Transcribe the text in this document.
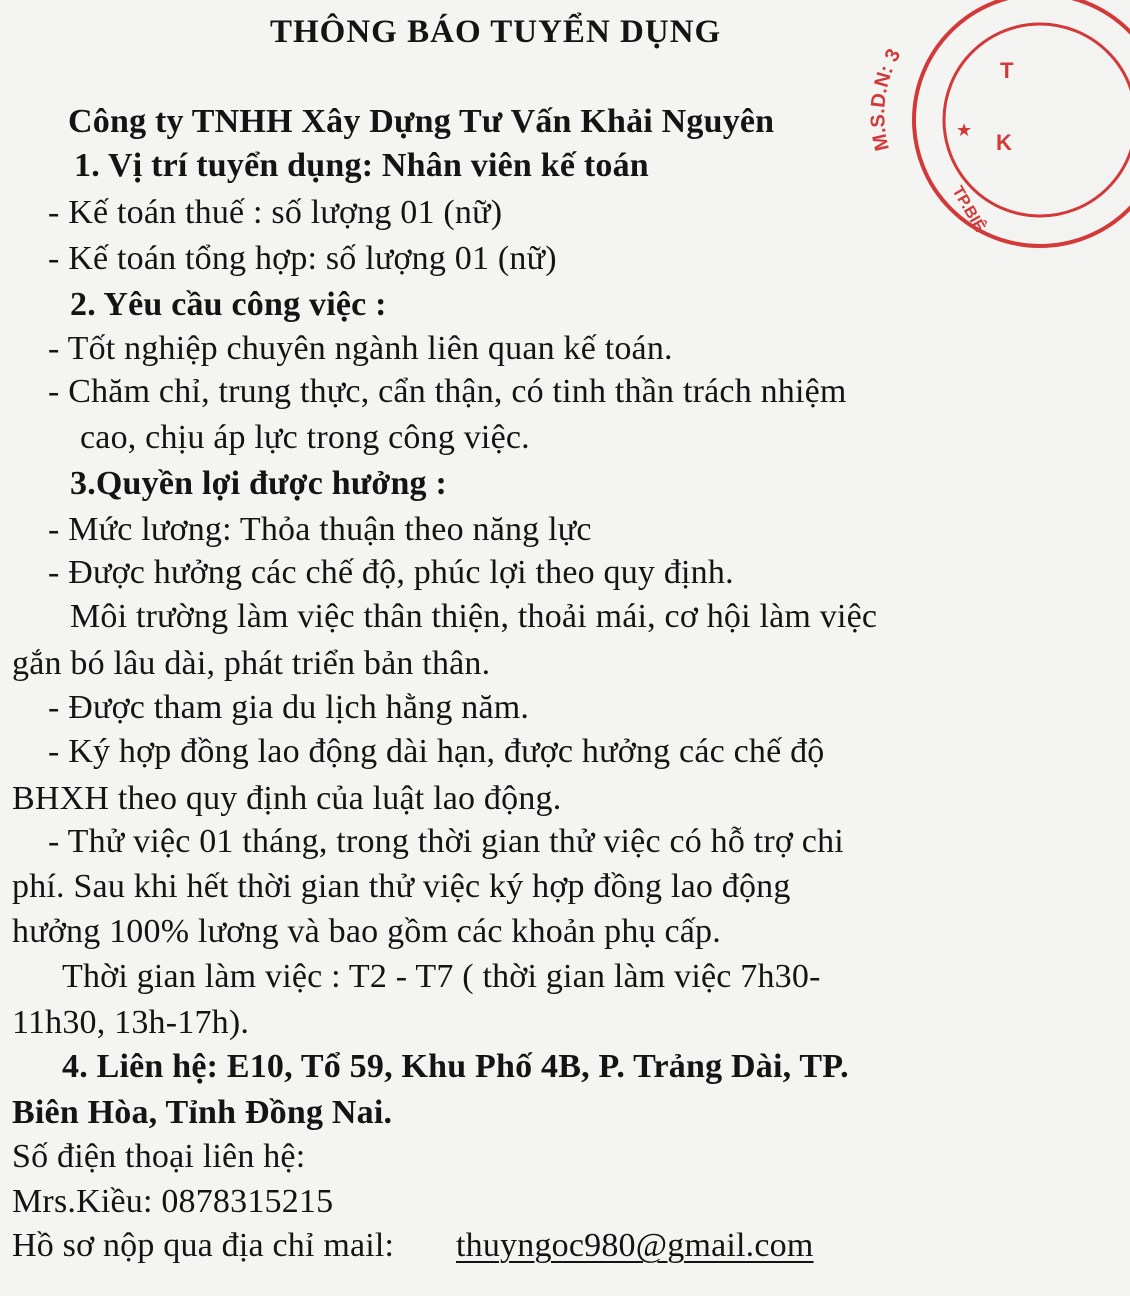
THÔNG BÁO TUYỂN DỤNG
Công ty TNHH Xây Dựng Tư Vấn Khải Nguyên
1. Vị trí tuyển dụng: Nhân viên kế toán
- Kế toán thuế : số lượng 01 (nữ)
- Kế toán tổng hợp: số lượng 01 (nữ)
2. Yêu cầu công việc :
- Tốt nghiệp chuyên ngành liên quan kế toán.
- Chăm chỉ, trung thực, cẩn thận, có tinh thần trách nhiệm
cao, chịu áp lực trong công việc.
3.Quyền lợi được hưởng :
- Mức lương: Thỏa thuận theo năng lực
- Được hưởng các chế độ, phúc lợi theo quy định.
Môi trường làm việc thân thiện, thoải mái, cơ hội làm việc
gắn bó lâu dài, phát triển bản thân.
- Được tham gia du lịch hằng năm.
- Ký hợp đồng lao động dài hạn, được hưởng các chế độ
BHXH theo quy định của luật lao động.
- Thử việc 01 tháng, trong thời gian thử việc có hỗ trợ chi
phí. Sau khi hết thời gian thử việc ký hợp đồng lao động
hưởng 100% lương và bao gồm các khoản phụ cấp.
Thời gian làm việc : T2 - T7 ( thời gian làm việc 7h30-
11h30, 13h-17h).
4. Liên hệ: E10, Tổ 59, Khu Phố 4B, P. Trảng Dài, TP.
Biên Hòa, Tỉnh Đồng Nai.
Số điện thoại liên hệ:
Mrs.Kiều: 0878315215
Hồ sơ nộp qua địa chỉ mail: thuyngoc980@gmail.com
M.S.D.N: 3
T
K
★
TP.BIÊ
